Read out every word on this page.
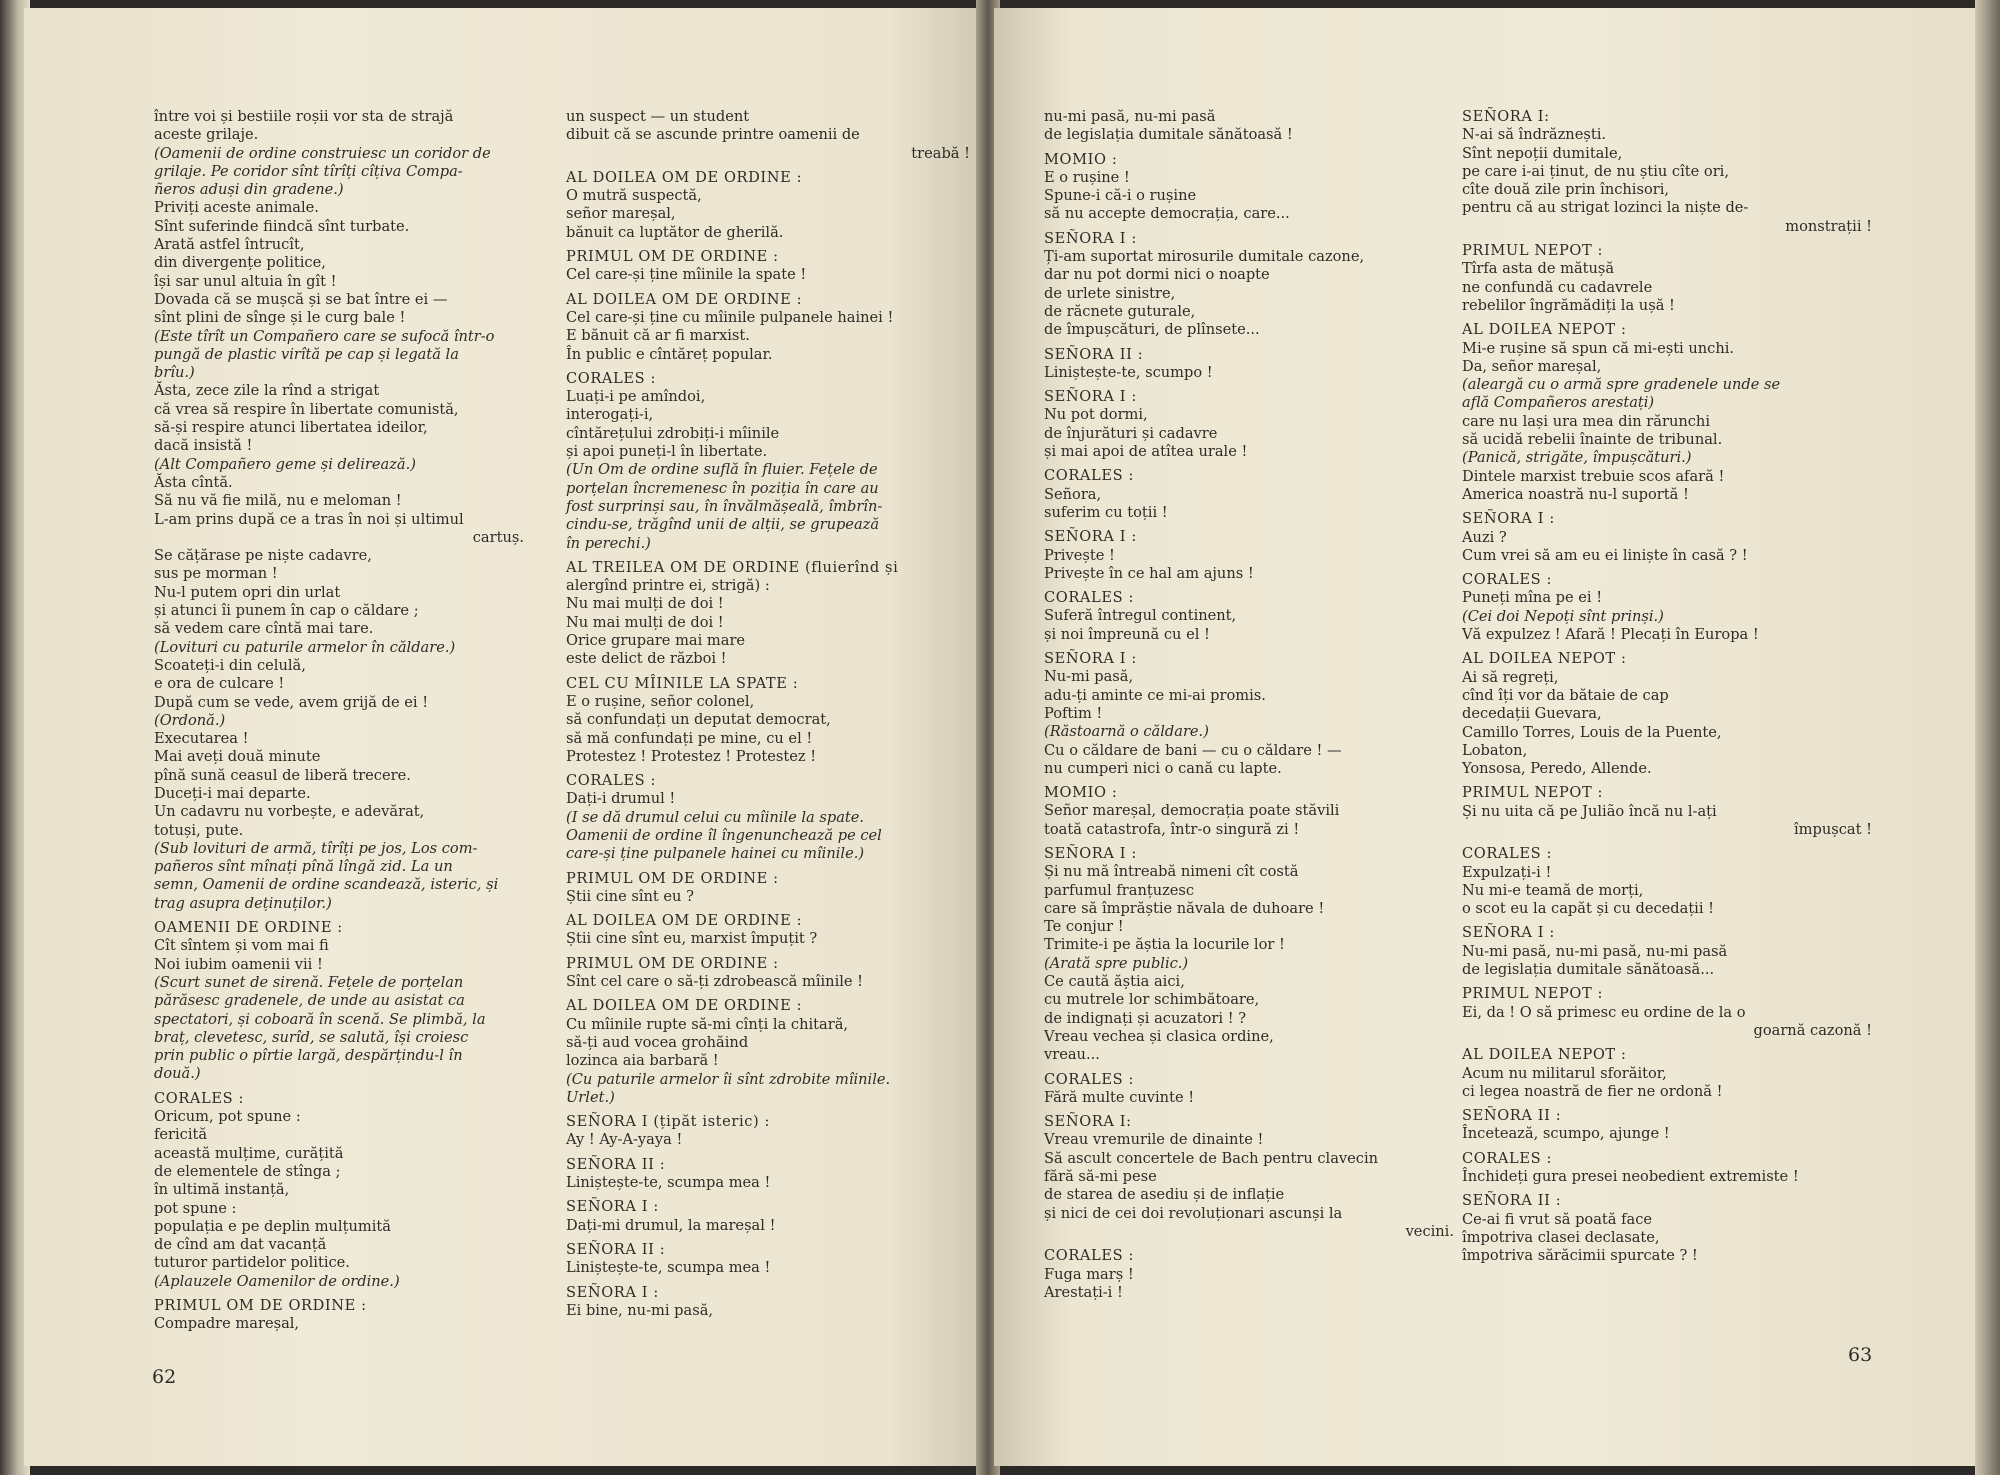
între voi și bestiile roșii vor sta de strajă
aceste grilaje.
(Oamenii de ordine construiesc un coridor de
grilaje. Pe coridor sînt tîrîți cîțiva Compa-
ñeros aduși din gradene.)
Priviți aceste animale.
Sînt suferinde fiindcă sînt turbate.
Arată astfel întrucît,
din divergențe politice,
își sar unul altuia în gît !
Dovada că se mușcă și se bat între ei —
sînt plini de sînge și le curg bale !
(Este tîrît un Compañero care se sufocă într-o
pungă de plastic virîtă pe cap și legată la
brîu.)
Ăsta, zece zile la rînd a strigat
că vrea să respire în libertate comunistă,
să-și respire atunci libertatea ideilor,
dacă insistă !
(Alt Compañero geme și delirează.)
Ăsta cîntă.
Să nu vă fie milă, nu e meloman !
L-am prins după ce a tras în noi și ultimul
cartuș.
Se cățărase pe niște cadavre,
sus pe morman !
Nu-l putem opri din urlat
și atunci îi punem în cap o căldare ;
să vedem care cîntă mai tare.
(Lovituri cu paturile armelor în căldare.)
Scoateți-i din celulă,
e ora de culcare !
După cum se vede, avem grijă de ei !
(Ordonă.)
Executarea !
Mai aveți două minute
pînă sună ceasul de liberă trecere.
Duceți-i mai departe.
Un cadavru nu vorbește, e adevărat,
totuși, pute.
(Sub lovituri de armă, tîrîți pe jos, Los com-
pañeros sînt mînați pînă lîngă zid. La un
semn, Oamenii de ordine scandează, isteric, și
trag asupra deținuților.)
OAMENII DE ORDINE :
Cît sîntem și vom mai fi
Noi iubim oamenii vii !
(Scurt sunet de sirenă. Fețele de porțelan
părăsesc gradenele, de unde au asistat ca
spectatori, și coboară în scenă. Se plimbă, la
braț, clevetesc, surîd, se salută, își croiesc
prin public o pîrtie largă, despărțindu-l în
două.)
CORALES :
Oricum, pot spune :
fericită
această mulțime, curățită
de elementele de stînga ;
în ultimă instanță,
pot spune :
populația e pe deplin mulțumită
de cînd am dat vacanță
tuturor partidelor politice.
(Aplauzele Oamenilor de ordine.)
PRIMUL OM DE ORDINE :
Compadre mareșal,
un suspect — un student
dibuit că se ascunde printre oamenii de
treabă !
AL DOILEA OM DE ORDINE :
O mutră suspectă,
señor mareșal,
bănuit ca luptător de gherilă.
PRIMUL OM DE ORDINE :
Cel care-și ține mîinile la spate !
AL DOILEA OM DE ORDINE :
Cel care-și ține cu mîinile pulpanele hainei !
E bănuit că ar fi marxist.
În public e cîntăreț popular.
CORALES :
Luați-i pe amîndoi,
interogați-i,
cîntărețului zdrobiți-i mîinile
și apoi puneți-l în libertate.
(Un Om de ordine suflă în fluier. Fețele de
porțelan încremenesc în poziția în care au
fost surprinși sau, în învălmășeală, îmbrîn-
cindu-se, trăgînd unii de alții, se grupează
în perechi.)
AL TREILEA OM DE ORDINE (fluierînd și
alergînd printre ei, strigă) :
Nu mai mulți de doi !
Nu mai mulți de doi !
Orice grupare mai mare
este delict de război !
CEL CU MÎINILE LA SPATE :
E o rușine, señor colonel,
să confundați un deputat democrat,
să mă confundați pe mine, cu el !
Protestez ! Protestez ! Protestez !
CORALES :
Dați-i drumul !
(I se dă drumul celui cu mîinile la spate.
Oamenii de ordine îl îngenunchează pe cel
care-și ține pulpanele hainei cu mîinile.)
PRIMUL OM DE ORDINE :
Știi cine sînt eu ?
AL DOILEA OM DE ORDINE :
Știi cine sînt eu, marxist împuțit ?
PRIMUL OM DE ORDINE :
Sînt cel care o să-ți zdrobească mîinile !
AL DOILEA OM DE ORDINE :
Cu mîinile rupte să-mi cînți la chitară,
să-ți aud vocea grohăind
lozinca aia barbară !
(Cu paturile armelor îi sînt zdrobite mîinile.
Urlet.)
SEÑORA I (țipăt isteric) :
Ay ! Ay-A-yaya !
SEÑORA II :
Liniștește-te, scumpa mea !
SEÑORA I :
Dați-mi drumul, la mareșal !
SEÑORA II :
Liniștește-te, scumpa mea !
SEÑORA I :
Ei bine, nu-mi pasă,
62
nu-mi pasă, nu-mi pasă
de legislația dumitale sănătoasă !
MOMIO :
E o rușine !
Spune-i că-i o rușine
să nu accepte democrația, care...
SEÑORA I :
Ți-am suportat mirosurile dumitale cazone,
dar nu pot dormi nici o noapte
de urlete sinistre,
de răcnete guturale,
de împușcături, de plînsete...
SEÑORA II :
Liniștește-te, scumpo !
SEÑORA I :
Nu pot dormi,
de înjurături și cadavre
și mai apoi de atîtea urale !
CORALES :
Señora,
suferim cu toții !
SEÑORA I :
Privește !
Privește în ce hal am ajuns !
CORALES :
Suferă întregul continent,
și noi împreună cu el !
SEÑORA I :
Nu-mi pasă,
adu-ți aminte ce mi-ai promis.
Poftim !
(Răstoarnă o căldare.)
Cu o căldare de bani — cu o căldare ! —
nu cumperi nici o cană cu lapte.
MOMIO :
Señor mareșal, democrația poate stăvili
toată catastrofa, într-o singură zi !
SEÑORA I :
Și nu mă întreabă nimeni cît costă
parfumul franțuzesc
care să împrăștie năvala de duhoare !
Te conjur !
Trimite-i pe ăștia la locurile lor !
(Arată spre public.)
Ce caută ăștia aici,
cu mutrele lor schimbătoare,
de indignați și acuzatori ! ?
Vreau vechea și clasica ordine,
vreau...
CORALES :
Fără multe cuvinte !
SEÑORA I:
Vreau vremurile de dinainte !
Să ascult concertele de Bach pentru clavecin
fără să-mi pese
de starea de asediu și de inflație
și nici de cei doi revoluționari ascunși la
vecini.
CORALES :
Fuga marș !
Arestați-i !
SEÑORA I:
N-ai să îndrăznești.
Sînt nepoții dumitale,
pe care i-ai ținut, de nu știu cîte ori,
cîte două zile prin închisori,
pentru că au strigat lozinci la niște de-
monstrații !
PRIMUL NEPOT :
Tîrfa asta de mătușă
ne confundă cu cadavrele
rebelilor îngrămădiți la ușă !
AL DOILEA NEPOT :
Mi-e rușine să spun că mi-ești unchi.
Da, señor mareșal,
(aleargă cu o armă spre gradenele unde se
află Compañeros arestați)
care nu lași ura mea din rărunchi
să ucidă rebelii înainte de tribunal.
(Panică, strigăte, împușcături.)
Dintele marxist trebuie scos afară !
America noastră nu-l suportă !
SEÑORA I :
Auzi ?
Cum vrei să am eu ei liniște în casă ? !
CORALES :
Puneți mîna pe ei !
(Cei doi Nepoți sînt prinși.)
Vă expulzez ! Afară ! Plecați în Europa !
AL DOILEA NEPOT :
Ai să regreți,
cînd îți vor da bătaie de cap
decedații Guevara,
Camillo Torres, Louis de la Puente,
Lobaton,
Yonsosa, Peredo, Allende.
PRIMUL NEPOT :
Și nu uita că pe Julião încă nu l-ați
împușcat !
CORALES :
Expulzați-i !
Nu mi-e teamă de morți,
o scot eu la capăt și cu decedații !
SEÑORA I :
Nu-mi pasă, nu-mi pasă, nu-mi pasă
de legislația dumitale sănătoasă...
PRIMUL NEPOT :
Ei, da ! O să primesc eu ordine de la o
goarnă cazonă !
AL DOILEA NEPOT :
Acum nu militarul sforăitor,
ci legea noastră de fier ne ordonă !
SEÑORA II :
Încetează, scumpo, ajunge !
CORALES :
Închideți gura presei neobedient extremiste !
SEÑORA II :
Ce-ai fi vrut să poată face
împotriva clasei declasate,
împotriva sărăcimii spurcate ? !
63
